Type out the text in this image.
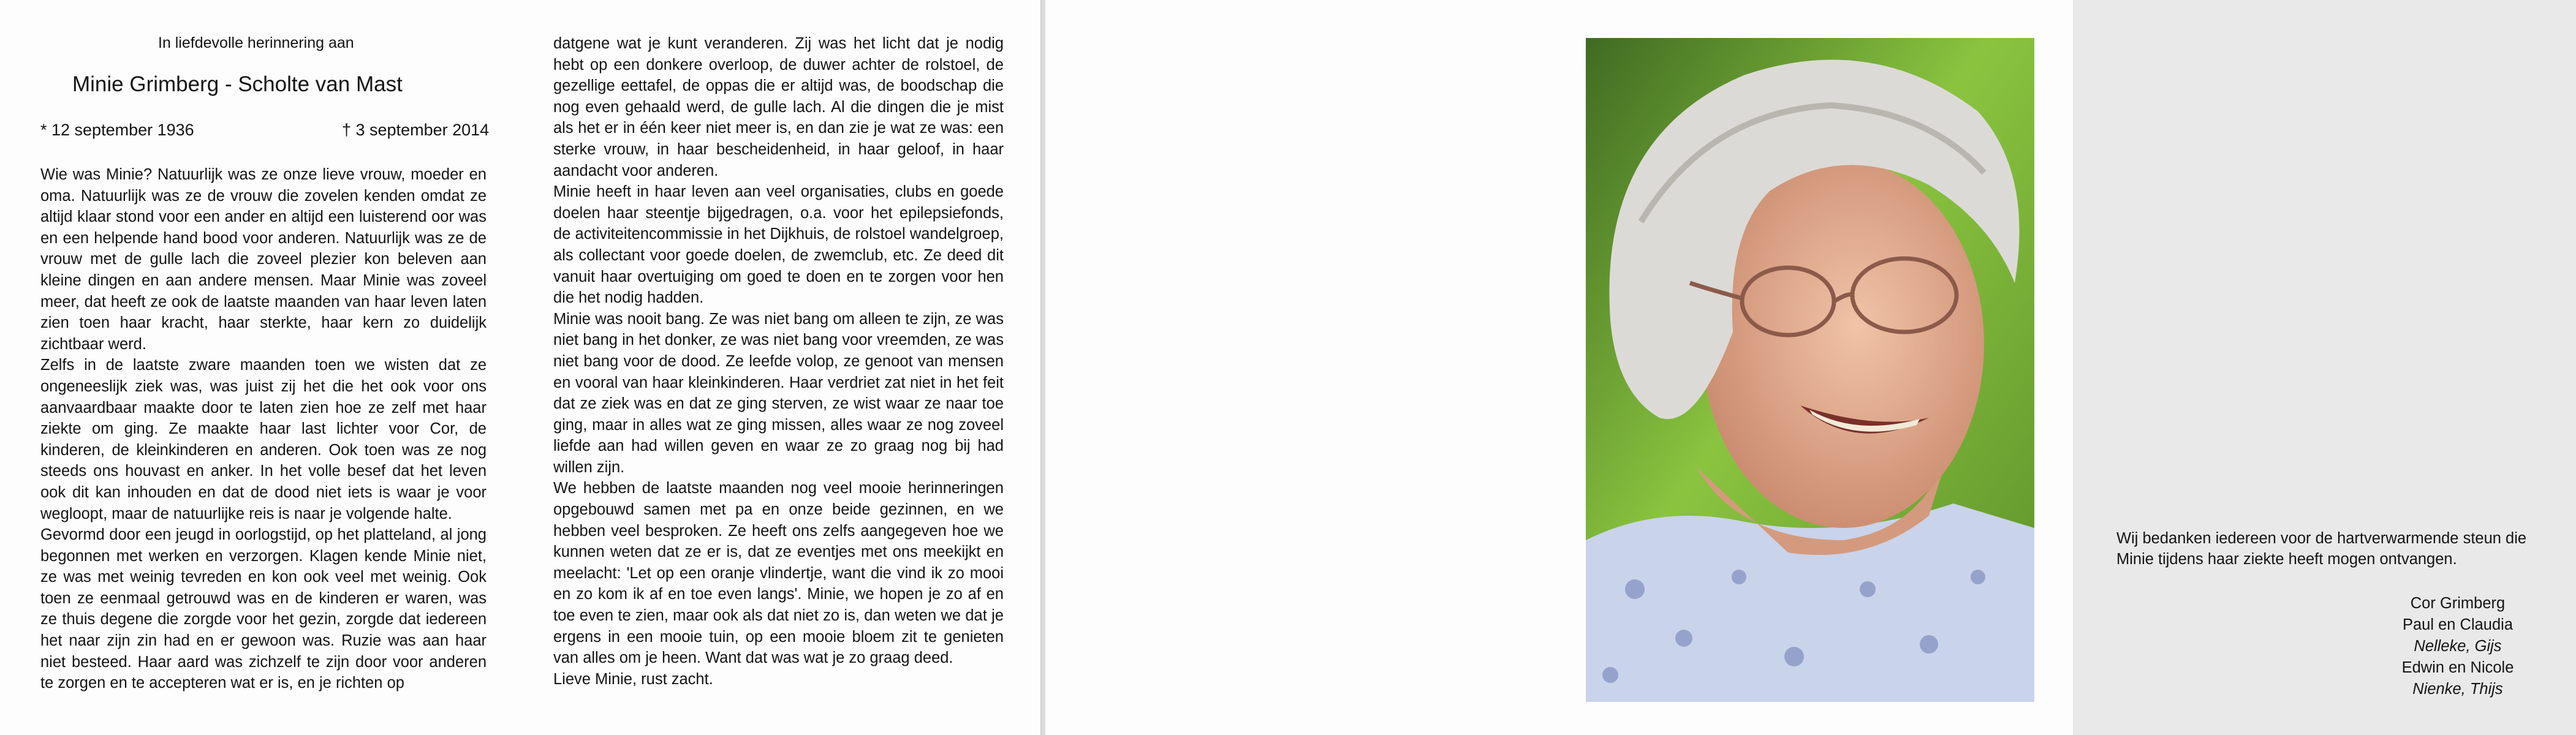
In liefdevolle herinnering aan
Minie Grimberg - Scholte van Mast
* 12 september 1936	† 3 september 2014

Wie was Minie? Natuurlijk was ze onze lieve vrouw, moeder en oma. Natuurlijk was ze de vrouw die zovelen kenden omdat ze altijd klaar stond voor een ander en altijd een luisterend oor was en een helpende hand bood voor anderen. Natuurlijk was ze de vrouw met de gulle lach die zoveel plezier kon beleven aan kleine dingen en aan andere mensen. Maar Minie was zoveel meer, dat heeft ze ook de laatste maanden van haar leven laten zien toen haar kracht, haar sterkte, haar kern zo duidelijk zichtbaar werd.

Zelfs in de laatste zware maanden toen we wisten dat ze ongeneeslijk ziek was, was juist zij het die het ook voor ons aanvaardbaar maakte door te laten zien hoe ze zelf met haar ziekte om ging. Ze maakte haar last lichter voor Cor, de kinderen, de kleinkinderen en anderen. Ook toen was ze nog steeds ons houvast en anker. In het volle besef dat het leven ook dit kan inhouden en dat de dood niet iets is waar je voor wegloopt, maar de natuurlijke reis is naar je volgende halte.

Gevormd door een jeugd in oorlogstijd, op het platteland, al jong begonnen met werken en verzorgen. Klagen kende Minie niet, ze was met weinig tevreden en kon ook veel met weinig. Ook toen ze eenmaal getrouwd was en de kinderen er waren, was ze thuis degene die zorgde voor het gezin, zorgde dat iedereen het naar zijn zin had en er gewoon was. Ruzie was aan haar niet besteed. Haar aard was zichzelf te zijn door voor anderen te zorgen en te accepteren wat er is, en je richten op

datgene wat je kunt veranderen. Zij was het licht dat je nodig hebt op een donkere overloop, de duwer achter de rolstoel, de gezellige eettafel, de oppas die er altijd was, de boodschap die nog even gehaald werd, de gulle lach. Al die dingen die je mist als het er in één keer niet meer is, en dan zie je wat ze was: een sterke vrouw, in haar bescheidenheid, in haar geloof, in haar aandacht voor anderen.

Minie heeft in haar leven aan veel organisaties, clubs en goede doelen haar steentje bijgedragen, o.a. voor het epilepsiefonds, de activiteitencommissie in het Dijkhuis, de rolstoel wandelgroep, als collectant voor goede doelen, de zwemclub, etc. Ze deed dit vanuit haar overtuiging om goed te doen en te zorgen voor hen die het nodig hadden.

Minie was nooit bang. Ze was niet bang om alleen te zijn, ze was niet bang in het donker, ze was niet bang voor vreemden, ze was niet bang voor de dood. Ze leefde volop, ze genoot van mensen en vooral van haar kleinkinderen. Haar verdriet zat niet in het feit dat ze ziek was en dat ze ging sterven, ze wist waar ze naar toe ging, maar in alles wat ze ging missen, alles waar ze nog zoveel liefde aan had willen geven en waar ze zo graag nog bij had willen zijn.

We hebben de laatste maanden nog veel mooie herinneringen opgebouwd samen met pa en onze beide gezinnen, en we hebben veel besproken. Ze heeft ons zelfs aangegeven hoe we kunnen weten dat ze er is, dat ze eventjes met ons meekijkt en meelacht: 'Let op een oranje vlindertje, want die vind ik zo mooi en zo kom ik af en toe even langs'. Minie, we hopen je zo af en toe even te zien, maar ook als dat niet zo is, dan weten we dat je ergens in een mooie tuin, op een mooie bloem zit te genieten van alles om je heen. Want dat was wat je zo graag deed.

Lieve Minie, rust zacht.

Wij bedanken iedereen voor de hartverwarmende steun die
Minie tijdens haar ziekte heeft mogen ontvangen.
Cor Grimberg
Paul en Claudia
Nelleke, Gijs
Edwin en Nicole
Nienke, Thijs
